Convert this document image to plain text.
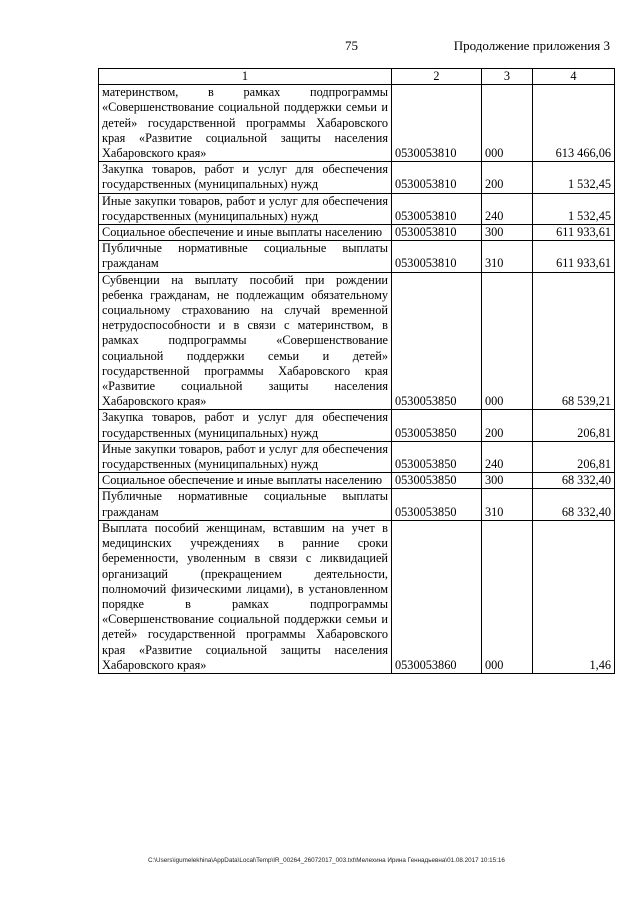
75	Продолжение приложения 3
1	2	3	4
материнством, в рамках подпрограммы «Совершенствование социальной поддержки семьи и детей» государственной программы Хабаровского края «Развитие социальной защиты населения Хабаровского края»	0530053810	000	613 466,06
Закупка товаров, работ и услуг для обеспечения государственных (муниципальных) нужд	0530053810	200	1 532,45
Иные закупки товаров, работ и услуг для обеспечения государственных (муниципальных) нужд	0530053810	240	1 532,45
Социальное обеспечение и иные выплаты населению	0530053810	300	611 933,61
Публичные нормативные социальные выплаты гражданам	0530053810	310	611 933,61
Субвенции на выплату пособий при рождении ребенка гражданам, не подлежащим обязательному социальному страхованию на случай временной нетрудоспособности и в связи с материнством, в рамках подпрограммы «Совершенствование социальной поддержки семьи и детей» государственной программы Хабаровского края «Развитие социальной защиты населения Хабаровского края»	0530053850	000	68 539,21
Закупка товаров, работ и услуг для обеспечения государственных (муниципальных) нужд	0530053850	200	206,81
Иные закупки товаров, работ и услуг для обеспечения государственных (муниципальных) нужд	0530053850	240	206,81
Социальное обеспечение и иные выплаты населению	0530053850	300	68 332,40
Публичные нормативные социальные выплаты гражданам	0530053850	310	68 332,40
Выплата пособий женщинам, вставшим на учет в медицинских учреждениях в ранние сроки беременности, уволенным в связи с ликвидацией организаций (прекращением деятельности, полномочий физическими лицами), в установленном порядке в рамках подпрограммы «Совершенствование социальной поддержки семьи и детей» государственной программы Хабаровского края «Развитие социальной защиты населения Хабаровского края»	0530053860	000	1,46
C:\Users\igumelekhina\AppData\Local\Temp\IR_00264_26072017_003.txt\Мелехина Ирина Геннадьевна\01.08.2017 10:15:16
